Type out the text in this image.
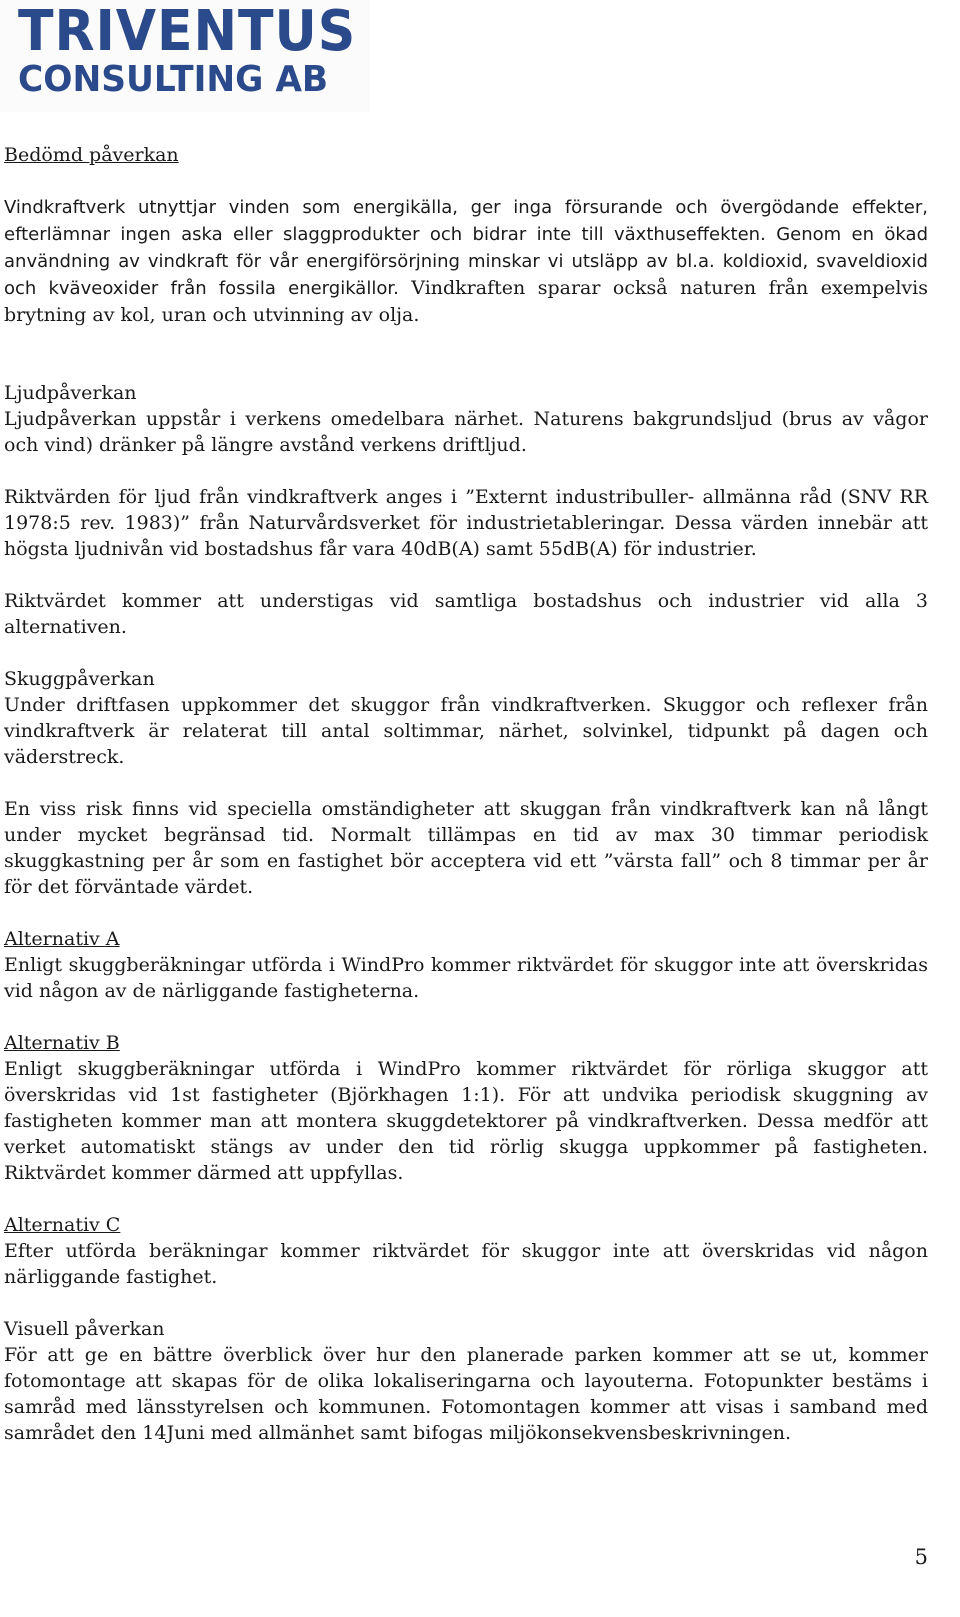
TRIVENTUS
CONSULTING AB
Bedömd påverkan

Vindkraftverk utnyttjar vinden som energikälla, ger inga försurande och övergödande effekter, efterlämnar ingen aska eller slaggprodukter och bidrar inte till växthuseffekten. Genom en ökad användning av vindkraft för vår energiförsörjning minskar vi utsläpp av bl.a. koldioxid, svaveldioxid och kväveoxider från fossila energikällor. Vindkraften sparar också naturen från exempelvis brytning av kol, uran och utvinning av olja.

Ljudpåverkan

Ljudpåverkan uppstår i verkens omedelbara närhet. Naturens bakgrundsljud (brus av vågor och vind) dränker på längre avstånd verkens driftljud.

Riktvärden för ljud från vindkraftverk anges i ”Externt industribuller- allmänna råd (SNV RR 1978:5 rev. 1983)” från Naturvårdsverket för industrietableringar. Dessa värden innebär att högsta ljudnivån vid bostadshus får vara 40dB(A) samt 55dB(A) för industrier.

Riktvärdet kommer att understigas vid samtliga bostadshus och industrier vid alla 3 alternativen.

Skuggpåverkan

Under driftfasen uppkommer det skuggor från vindkraftverken. Skuggor och reflexer från vindkraftverk är relaterat till antal soltimmar, närhet, solvinkel, tidpunkt på dagen och väderstreck.

En viss risk finns vid speciella omständigheter att skuggan från vindkraftverk kan nå långt under mycket begränsad tid. Normalt tillämpas en tid av max 30 timmar periodisk skuggkastning per år som en fastighet bör acceptera vid ett ”värsta fall” och 8 timmar per år för det förväntade värdet.

Alternativ A

Enligt skuggberäkningar utförda i WindPro kommer riktvärdet för skuggor inte att överskridas vid någon av de närliggande fastigheterna.

Alternativ B

Enligt skuggberäkningar utförda i WindPro kommer riktvärdet för rörliga skuggor att överskridas vid 1st fastigheter (Björkhagen 1:1). För att undvika periodisk skuggning av fastigheten kommer man att montera skuggdetektorer på vindkraftverken. Dessa medför att verket automatiskt stängs av under den tid rörlig skugga uppkommer på fastigheten. Riktvärdet kommer därmed att uppfyllas.

Alternativ C

Efter utförda beräkningar kommer riktvärdet för skuggor inte att överskridas vid någon närliggande fastighet.

Visuell påverkan

För att ge en bättre överblick över hur den planerade parken kommer att se ut, kommer fotomontage att skapas för de olika lokaliseringarna och layouterna. Fotopunkter bestäms i samråd med länsstyrelsen och kommunen. Fotomontagen kommer att visas i samband med samrådet den 14Juni med allmänhet samt bifogas miljökonsekvensbeskrivningen.

5
